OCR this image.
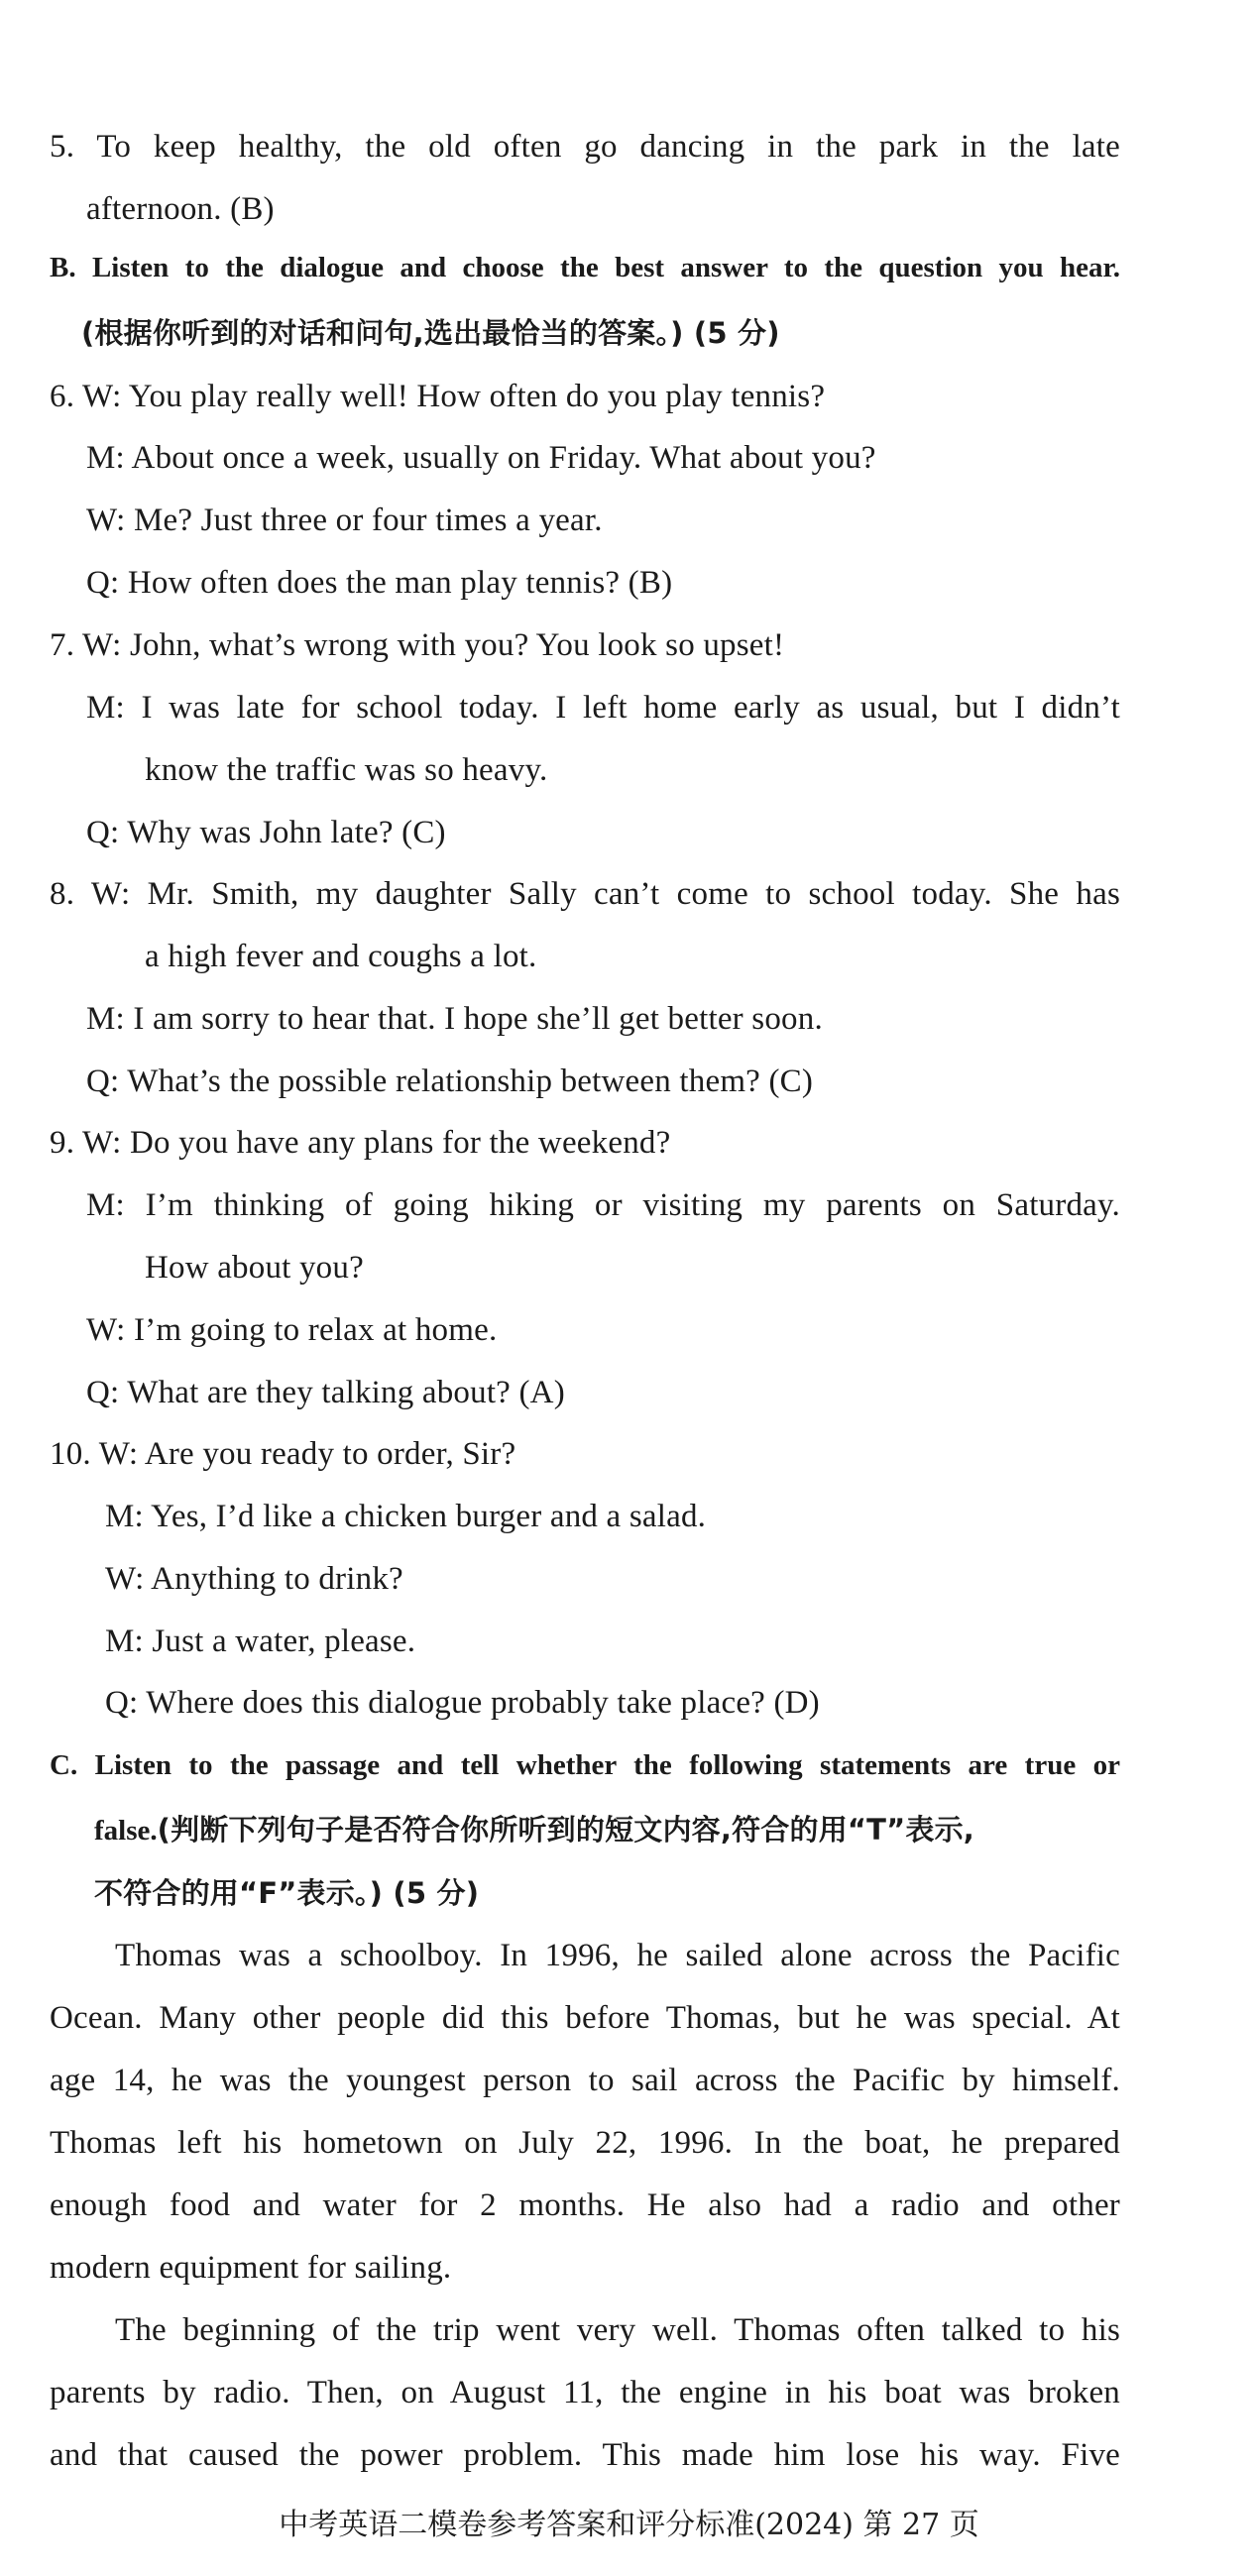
5. To keep healthy, the old often go dancing in the park in the late
afternoon. (B)
B. Listen to the dialogue and choose the best answer to the question you hear.
(根据你听到的对话和问句,选出最恰当的答案。) (5 分)
6. W: You play really well! How often do you play tennis?
M: About once a week, usually on Friday. What about you?
W: Me? Just three or four times a year.
Q: How often does the man play tennis? (B)
7. W: John, what’s wrong with you? You look so upset!
M: I was late for school today. I left home early as usual, but I didn’t
know the traffic was so heavy.
Q: Why was John late? (C)
8. W: Mr. Smith, my daughter Sally can’t come to school today. She has
a high fever and coughs a lot.
M: I am sorry to hear that. I hope she’ll get better soon.
Q: What’s the possible relationship between them? (C)
9. W: Do you have any plans for the weekend?
M: I’m thinking of going hiking or visiting my parents on Saturday.
How about you?
W: I’m going to relax at home.
Q: What are they talking about? (A)
10. W: Are you ready to order, Sir?
M: Yes, I’d like a chicken burger and a salad.
W: Anything to drink?
M: Just a water, please.
Q: Where does this dialogue probably take place? (D)
C. Listen to the passage and tell whether the following statements are true or
false.(判断下列句子是否符合你所听到的短文内容,符合的用“T”表示,
不符合的用“F”表示。) (5 分)
Thomas was a schoolboy. In 1996, he sailed alone across the Pacific
Ocean. Many other people did this before Thomas, but he was special. At
age 14, he was the youngest person to sail across the Pacific by himself.
Thomas left his hometown on July 22, 1996. In the boat, he prepared
enough food and water for 2 months. He also had a radio and other
modern equipment for sailing.
The beginning of the trip went very well. Thomas often talked to his
parents by radio. Then, on August 11, the engine in his boat was broken
and that caused the power problem. This made him lose his way. Five
中考英语二模卷参考答案和评分标准(2024) 第 27 页
